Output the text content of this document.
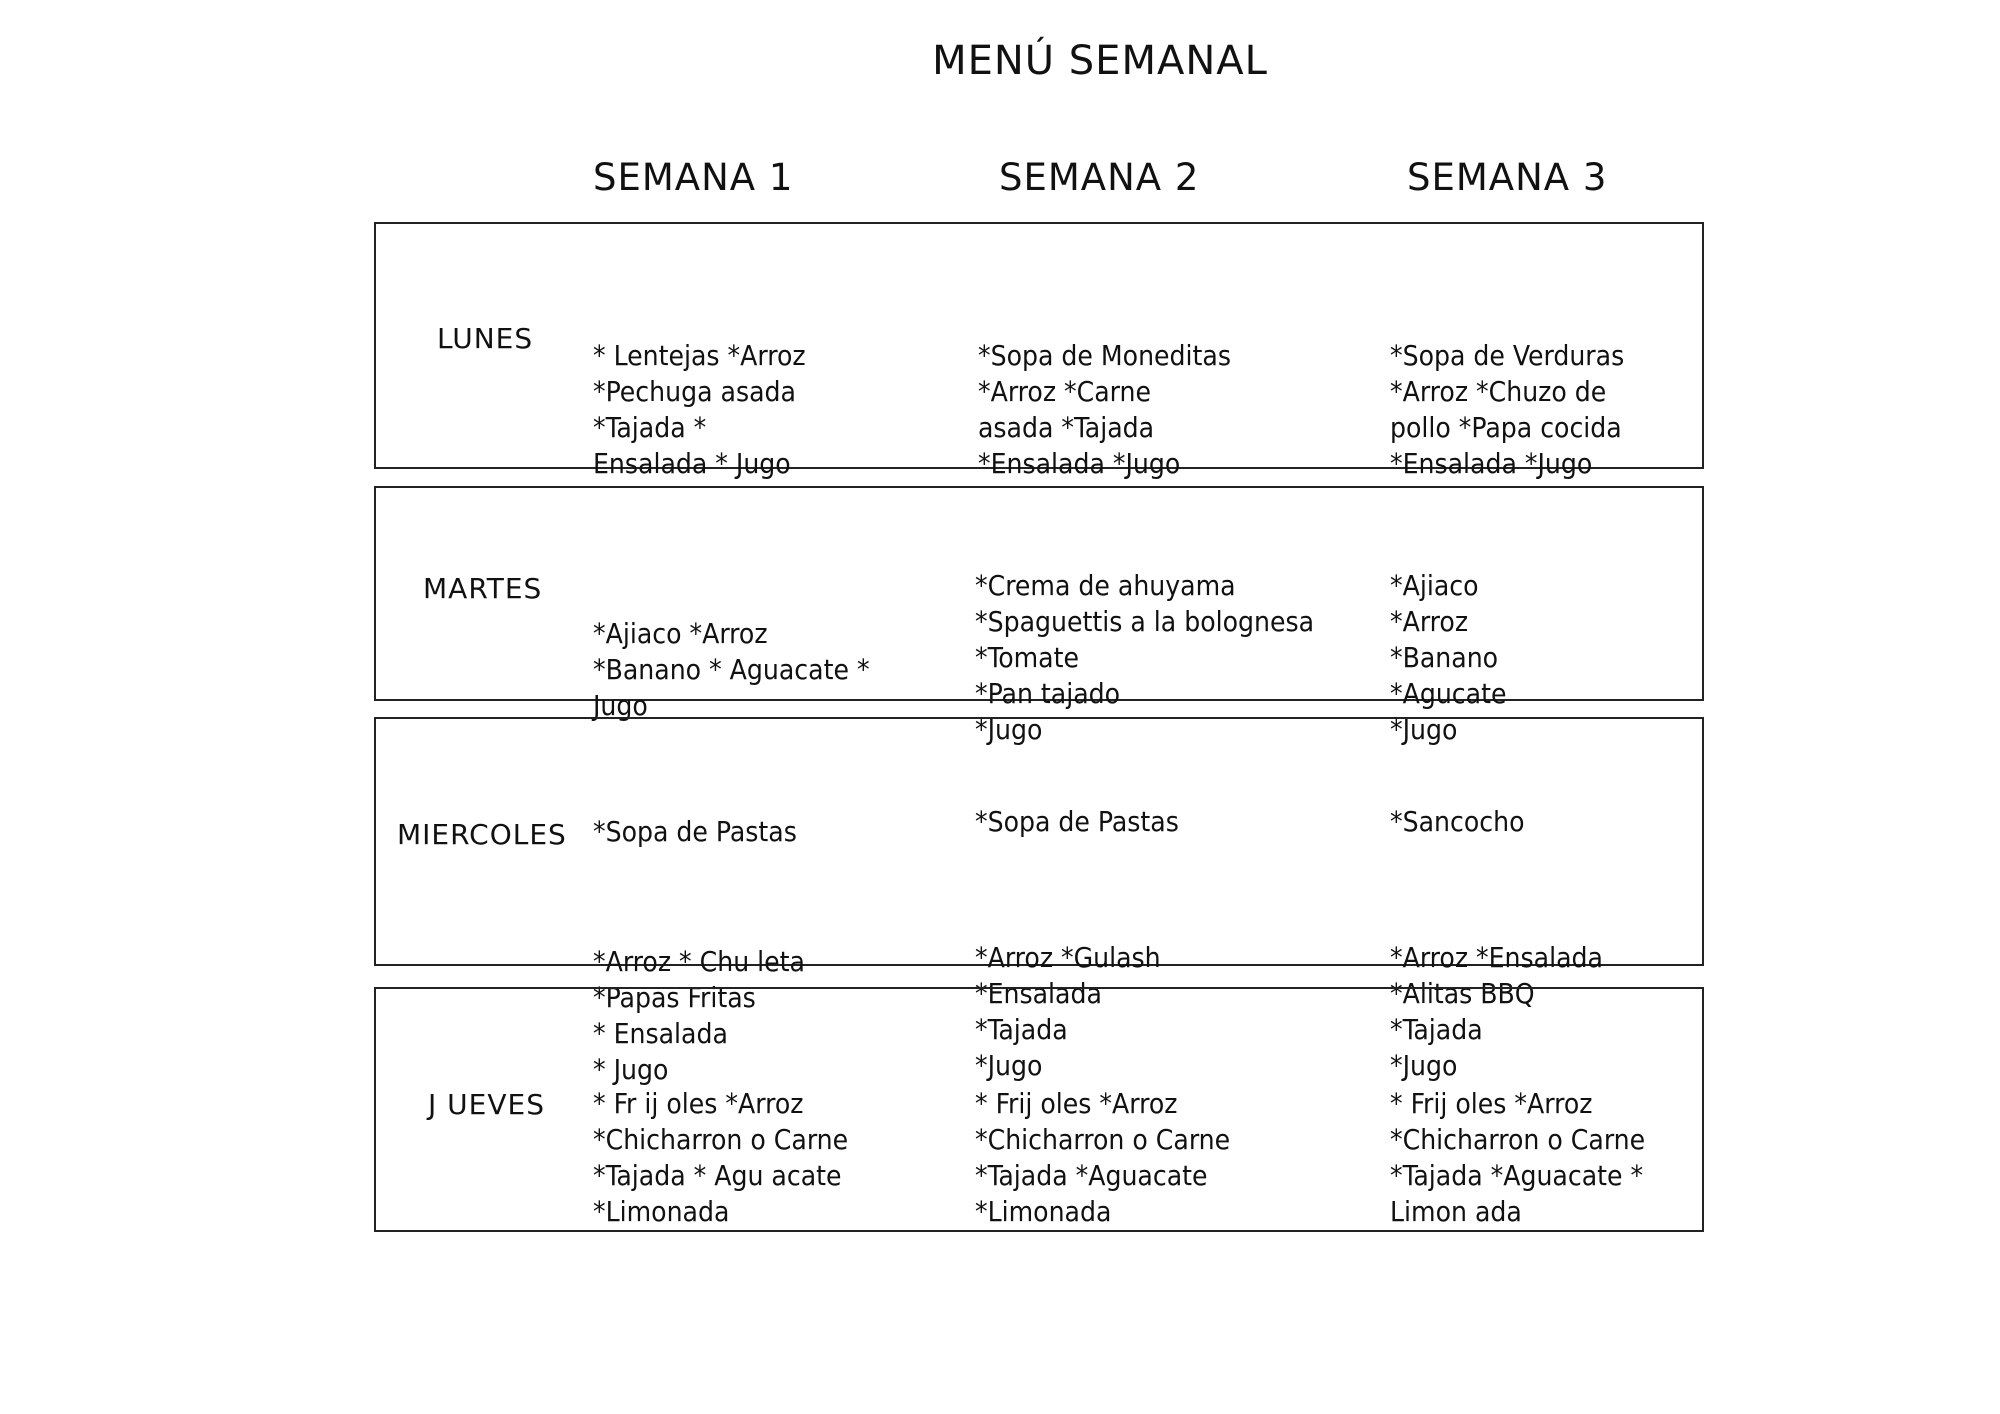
MENÚ SEMANAL
SEMANA 1	SEMANA 2	SEMANA 3
LUNES

* Lentejas *Arroz
*Pechuga asada
*Tajada *
Ensalada * Jugo

*Sopa de Moneditas
*Arroz *Carne
asada *Tajada
*Ensalada *Jugo

*Sopa de Verduras
*Arroz *Chuzo de
pollo *Papa cocida
*Ensalada *Jugo

MARTES

*Ajiaco *Arroz
*Banano * Aguacate *
Jugo

*Crema de ahuyama
*Spaguettis a la bolognesa
*Tomate
*Pan tajado
*Jugo

*Ajiaco
*Arroz
*Banano
*Agucate
*Jugo

MIERCOLES

*Sopa de Pastas

*Arroz * Chu leta
*Papas Fritas
* Ensalada
* Jugo

*Sopa de Pastas

*Arroz *Gulash
*Ensalada
*Tajada
*Jugo

*Sancocho

*Arroz *Ensalada
*Alitas BBQ
*Tajada
*Jugo

J UEVES

* Fr ij oles *Arroz
*Chicharron o Carne
*Tajada * Agu acate
*Limonada

* Frij oles *Arroz
*Chicharron o Carne
*Tajada *Aguacate
*Limonada

* Frij oles *Arroz
*Chicharron o Carne
*Tajada *Aguacate *
Limon ada
